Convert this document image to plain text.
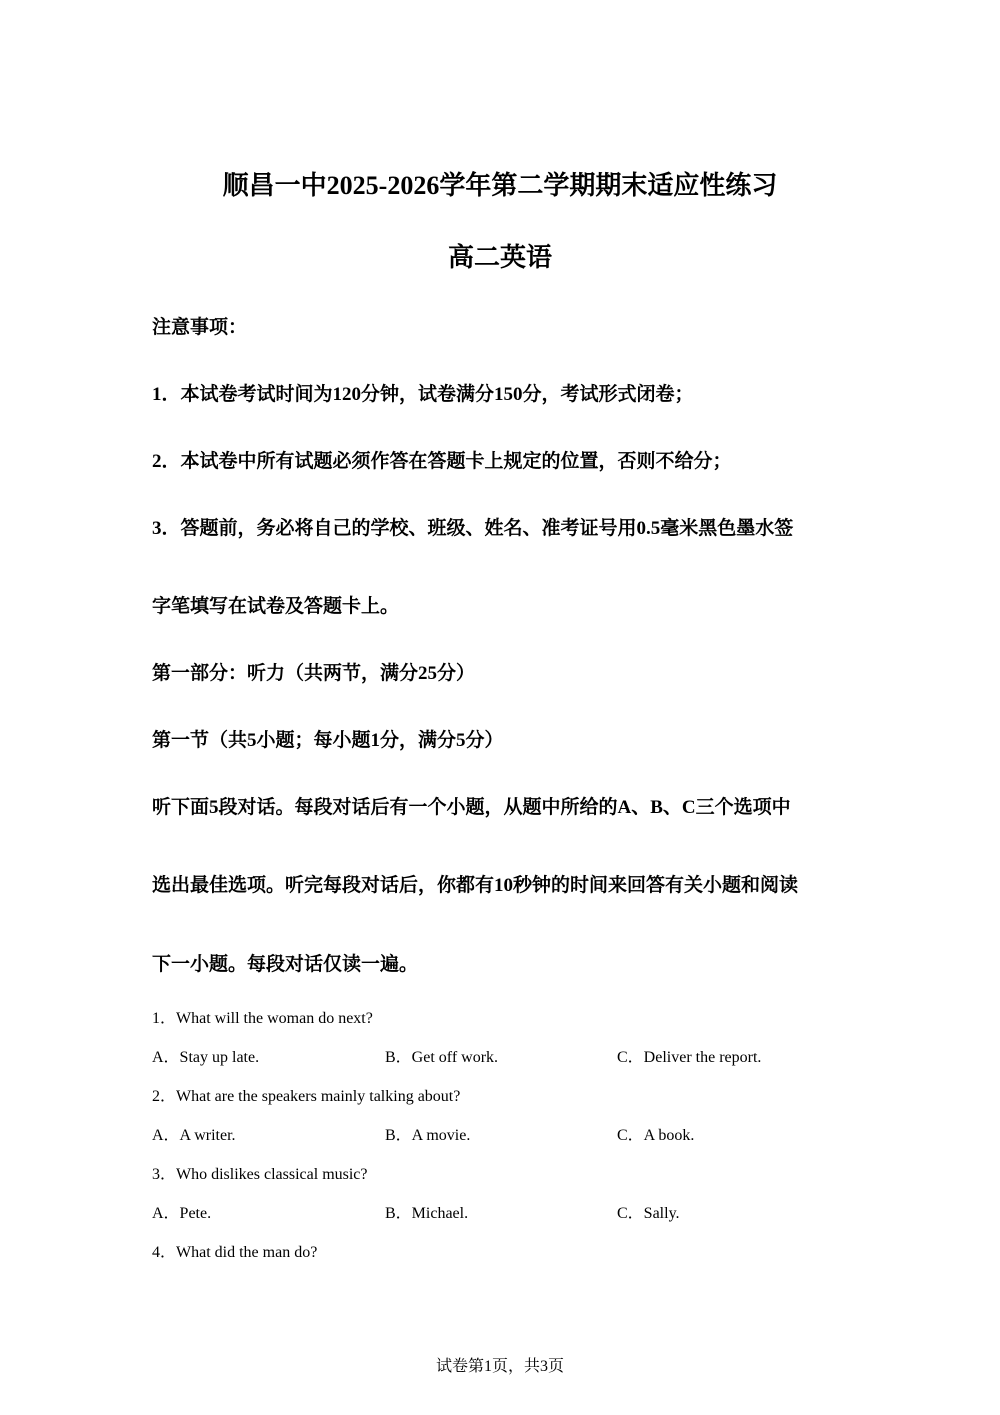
顺昌一中2025-2026学年第二学期期末适应性练习
高二英语
注意事项：
1．本试卷考试时间为120分钟，试卷满分150分，考试形式闭卷；
2．本试卷中所有试题必须作答在答题卡上规定的位置，否则不给分；
3．答题前，务必将自己的学校、班级、姓名、准考证号用0.5毫米黑色墨水签
字笔填写在试卷及答题卡上。
第一部分：听力（共两节，满分25分）
第一节（共5小题；每小题1分，满分5分）
听下面5段对话。每段对话后有一个小题，从题中所给的A、B、C三个选项中
选出最佳选项。听完每段对话后，你都有10秒钟的时间来回答有关小题和阅读
下一小题。每段对话仅读一遍。
1．What will the woman do next?
A．Stay up late.	B．Get off work.	C．Deliver the report.
2．What are the speakers mainly talking about?
A．A writer.	B．A movie.	C．A book.
3．Who dislikes classical music?
A．Pete.	B．Michael.	C．Sally.
4．What did the man do?
试卷第1页，共3页
